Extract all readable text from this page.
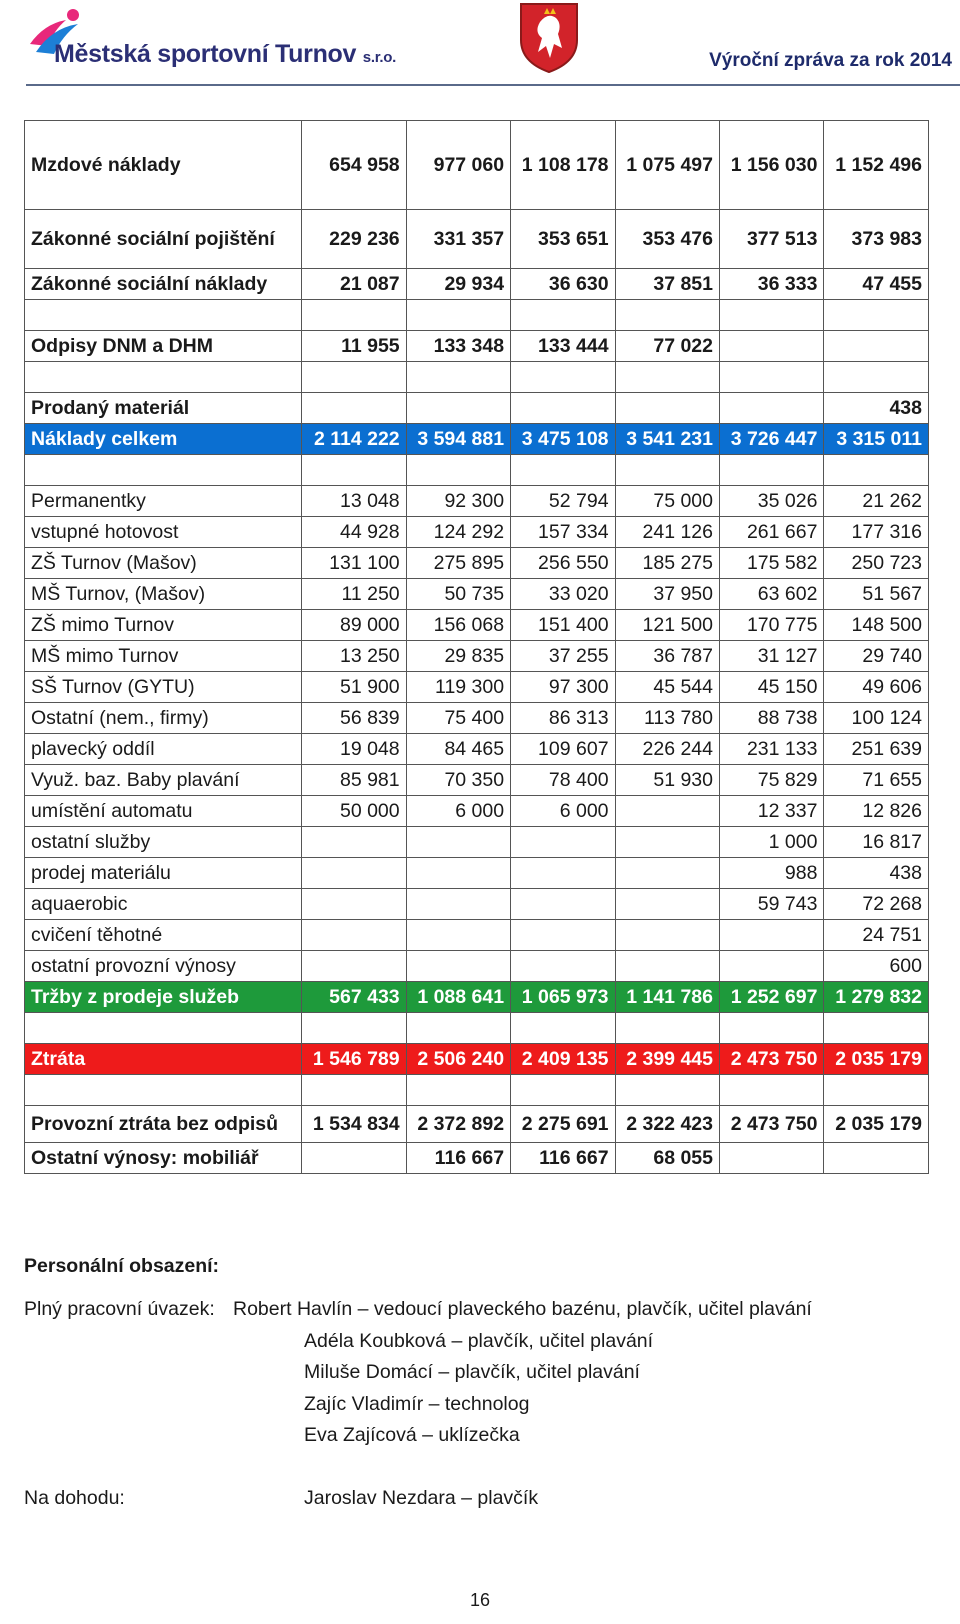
Městská sportovní Turnov s.r.o.	Výroční zpráva za rok 2014
Mzdové náklady	654 958	977 060	1 108 178	1 075 497	1 156 030	1 152 496
Zákonné sociální pojištění	229 236	331 357	353 651	353 476	377 513	373 983
Zákonné sociální náklady	21 087	29 934	36 630	37 851	36 333	47 455

Odpisy DNM a DHM	11 955	133 348	133 444	77 022		

Prodaný materiál						438
Náklady celkem	2 114 222	3 594 881	3 475 108	3 541 231	3 726 447	3 315 011

Permanentky	13 048	92 300	52 794	75 000	35 026	21 262
vstupné hotovost	44 928	124 292	157 334	241 126	261 667	177 316
ZŠ Turnov (Mašov)	131 100	275 895	256 550	185 275	175 582	250 723
MŠ Turnov, (Mašov)	11 250	50 735	33 020	37 950	63 602	51 567
ZŠ mimo Turnov	89 000	156 068	151 400	121 500	170 775	148 500
MŠ mimo Turnov	13 250	29 835	37 255	36 787	31 127	29 740
SŠ Turnov (GYTU)	51 900	119 300	97 300	45 544	45 150	49 606
Ostatní (nem., firmy)	56 839	75 400	86 313	113 780	88 738	100 124
plavecký oddíl	19 048	84 465	109 607	226 244	231 133	251 639
Využ. baz. Baby plavání	85 981	70 350	78 400	51 930	75 829	71 655
umístění automatu	50 000	6 000	6 000		12 337	12 826
ostatní služby					1 000	16 817
prodej materiálu					988	438
aquaerobic					59 743	72 268
cvičení těhotné						24 751
ostatní provozní výnosy						600
Tržby z prodeje služeb	567 433	1 088 641	1 065 973	1 141 786	1 252 697	1 279 832

Ztráta	1 546 789	2 506 240	2 409 135	2 399 445	2 473 750	2 035 179

Provozní ztráta bez odpisů	1 534 834	2 372 892	2 275 691	2 322 423	2 473 750	2 035 179
Ostatní výnosy: mobiliář		116 667	116 667	68 055		
Personální obsazení:
Plný pracovní úvazek: Robert Havlín – vedoucí plaveckého bazénu, plavčík, učitel plavání
Adéla Koubková – plavčík, učitel plavání
Miluše Domácí – plavčík, učitel plavání
Zajíc Vladimír – technolog
Eva Zajícová – uklízečka
Na dohodu:	Jaroslav Nezdara – plavčík
16
